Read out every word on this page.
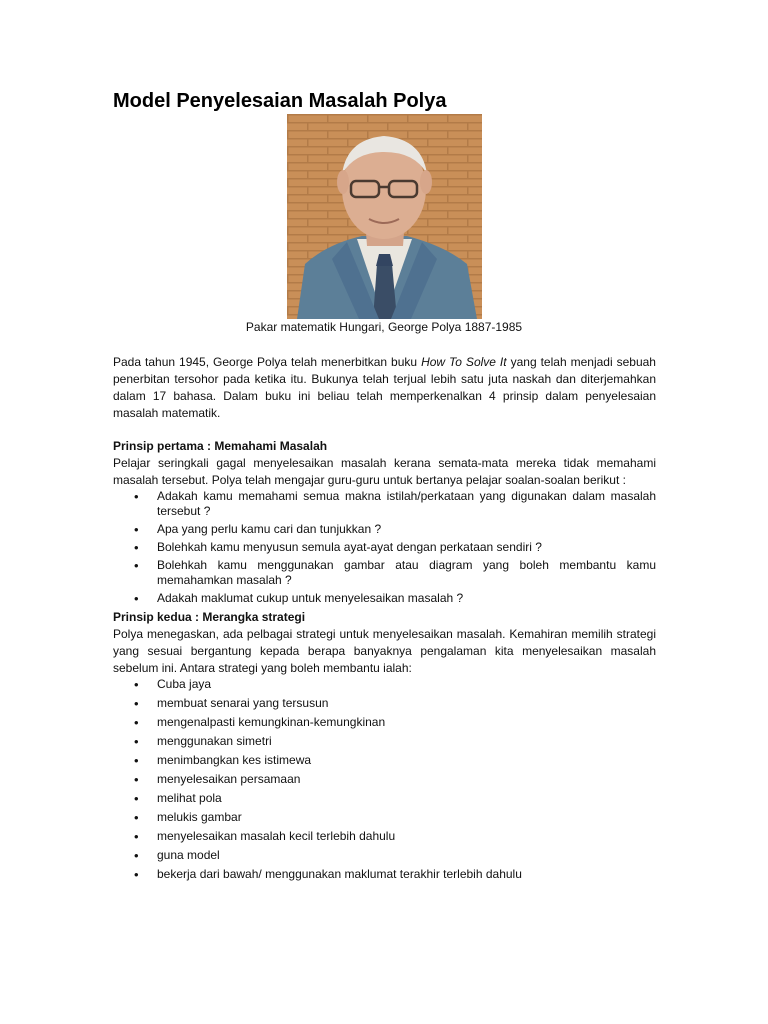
Model Penyelesaian Masalah Polya
Pakar matematik Hungari, George Polya 1887-1985

Pada tahun 1945, George Polya telah menerbitkan buku How To Solve It yang telah menjadi sebuah penerbitan tersohor pada ketika itu. Bukunya telah terjual lebih satu juta naskah dan diterjemahkan dalam 17 bahasa. Dalam buku ini beliau telah memperkenalkan 4 prinsip dalam penyelesaian masalah matematik.

Prinsip pertama : Memahami Masalah

Pelajar seringkali gagal menyelesaikan masalah kerana semata-mata mereka tidak memahami masalah tersebut. Polya telah mengajar guru-guru untuk bertanya pelajar soalan-soalan berikut :

• Adakah kamu memahami semua makna istilah/perkataan yang digunakan dalam masalah tersebut ?
• Apa yang perlu kamu cari dan tunjukkan ?
• Bolehkah kamu menyusun semula ayat-ayat dengan perkataan sendiri ?
• Bolehkah kamu menggunakan gambar atau diagram yang boleh membantu kamu memahamkan masalah ?
• Adakah maklumat cukup untuk menyelesaikan masalah ?
Prinsip kedua : Merangka strategi

Polya menegaskan, ada pelbagai strategi untuk menyelesaikan masalah. Kemahiran memilih strategi yang sesuai bergantung kepada berapa banyaknya pengalaman kita menyelesaikan masalah sebelum ini. Antara strategi yang boleh membantu ialah:

• Cuba jaya
• membuat senarai yang tersusun
• mengenalpasti kemungkinan-kemungkinan
• menggunakan simetri
• menimbangkan kes istimewa
• menyelesaikan persamaan
• melihat pola
• melukis gambar
• menyelesaikan masalah kecil terlebih dahulu
• guna model
• bekerja dari bawah/ menggunakan maklumat terakhir terlebih dahulu
